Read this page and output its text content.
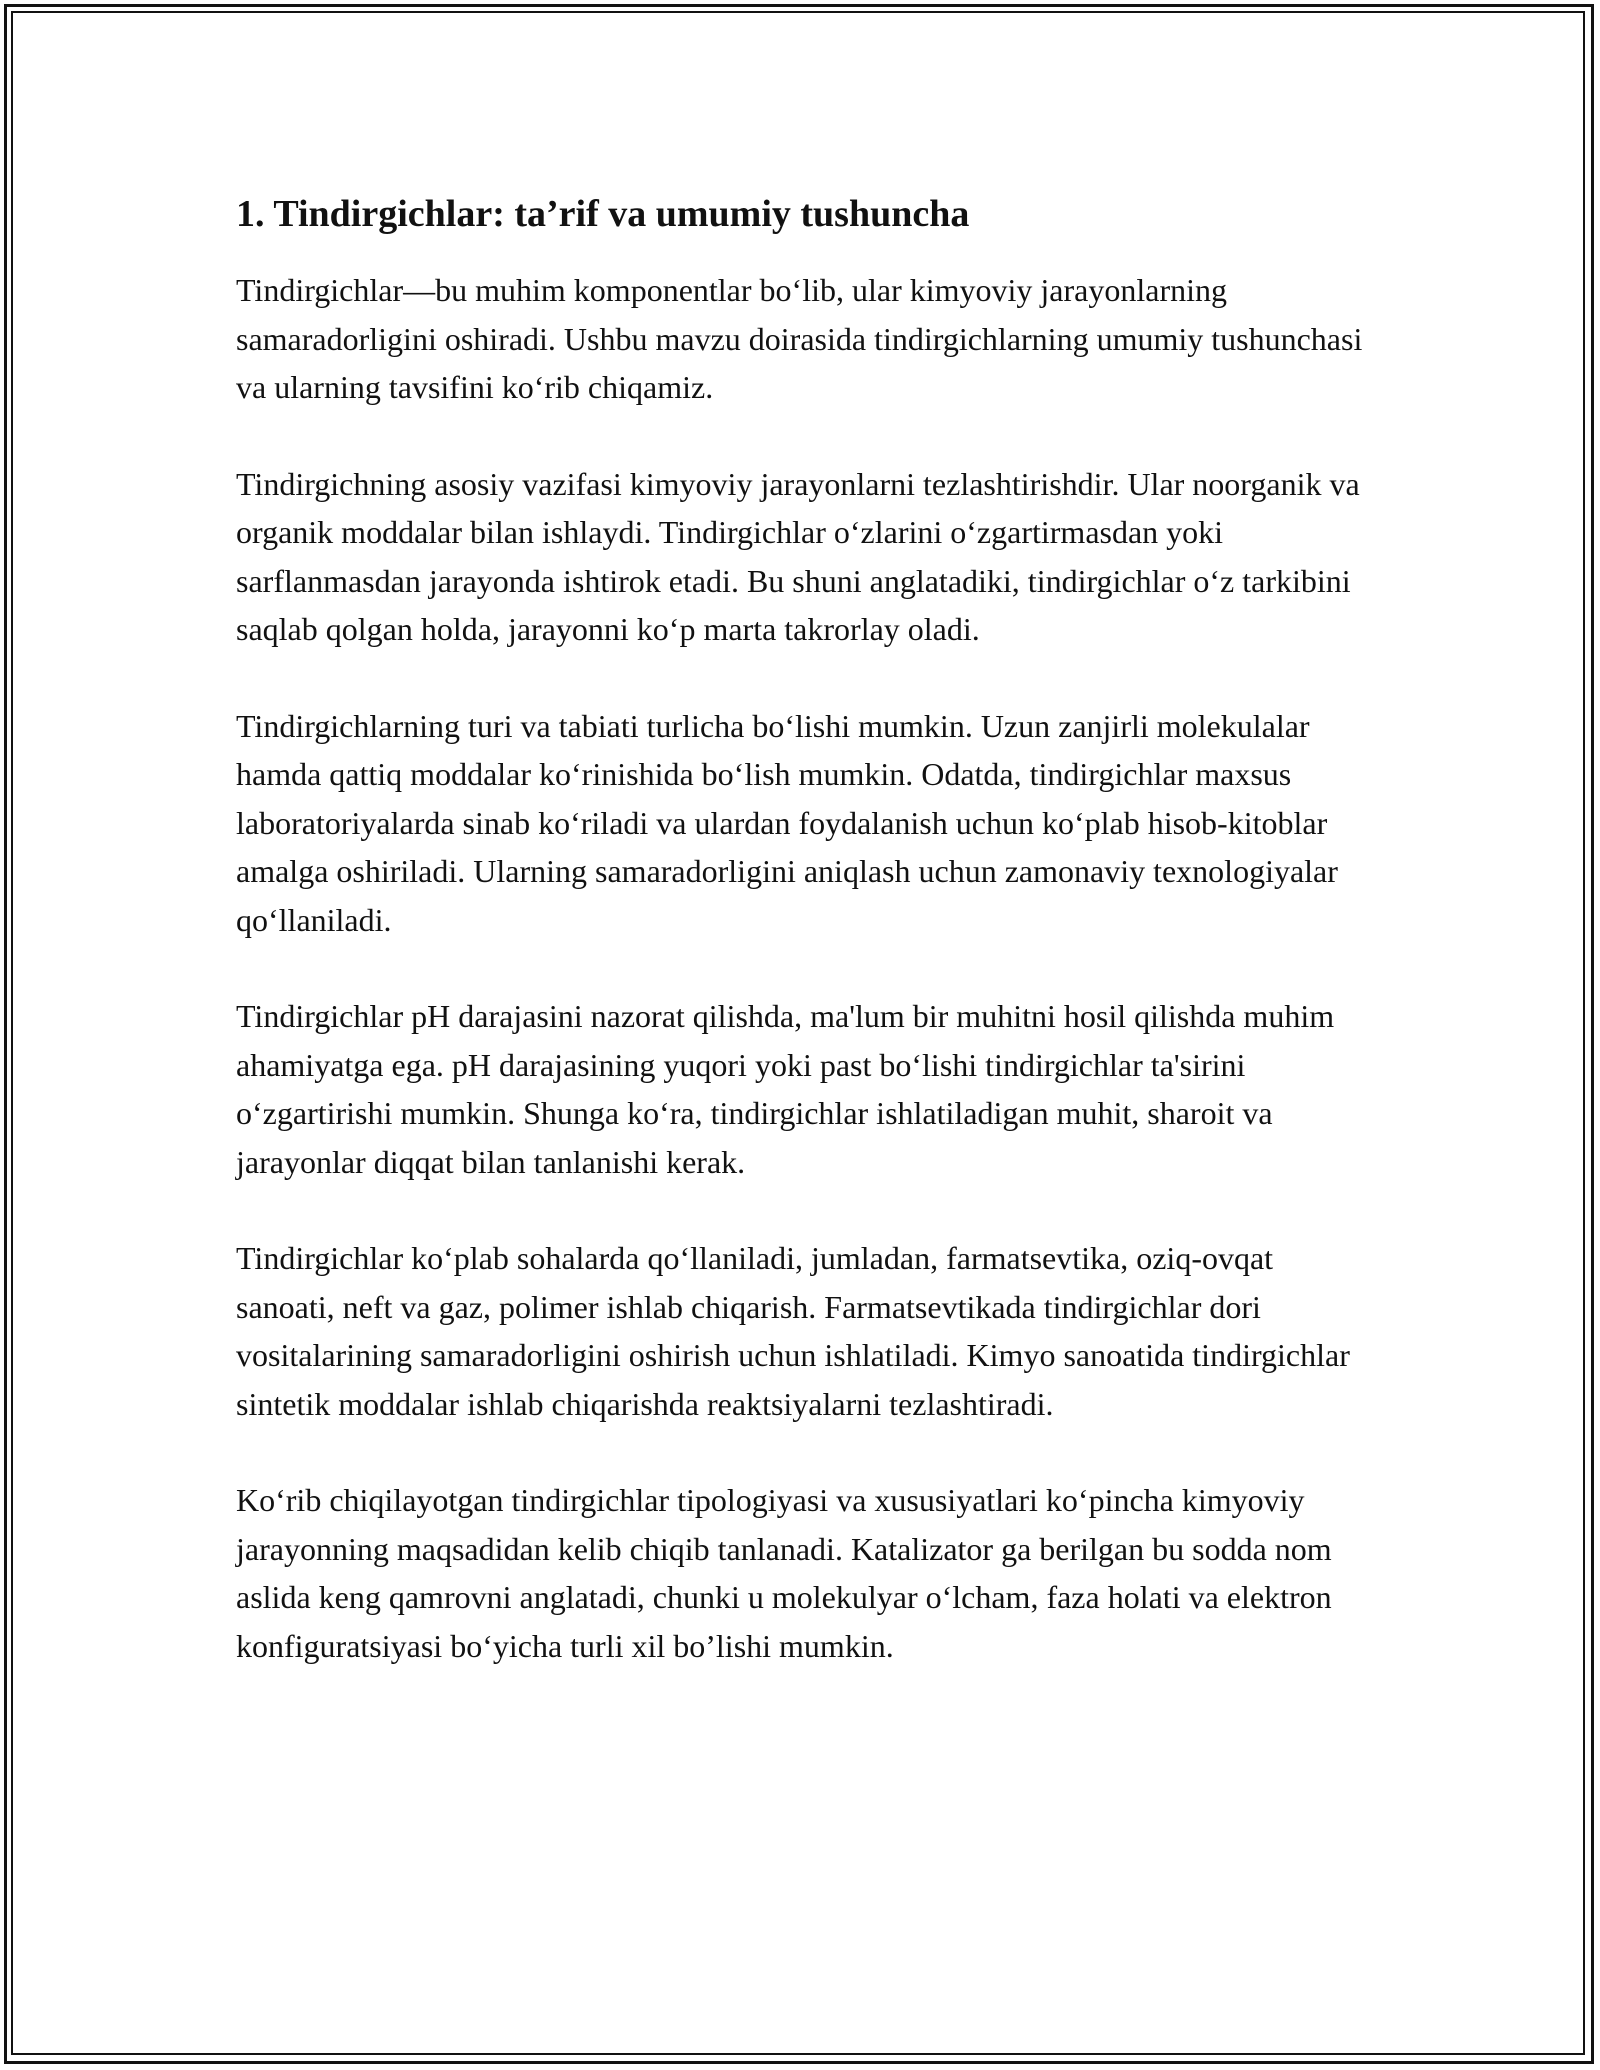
1. Tindirgichlar: ta’rif va umumiy tushuncha

Tindirgichlar—bu muhim komponentlar boʻlib, ular kimyoviy jarayonlarning samaradorligini oshiradi. Ushbu mavzu doirasida tindirgichlarning umumiy tushunchasi va ularning tavsifini koʻrib chiqamiz.

Tindirgichning asosiy vazifasi kimyoviy jarayonlarni tezlashtirishdir. Ular noorganik va organik moddalar bilan ishlaydi. Tindirgichlar oʻzlarini oʻzgartirmasdan yoki sarflanmasdan jarayonda ishtirok etadi. Bu shuni anglatadiki, tindirgichlar oʻz tarkibini saqlab qolgan holda, jarayonni koʻp marta takrorlay oladi.

Tindirgichlarning turi va tabiati turlicha boʻlishi mumkin. Uzun zanjirli molekulalar hamda qattiq moddalar koʻrinishida boʻlish mumkin. Odatda, tindirgichlar maxsus laboratoriyalarda sinab koʻriladi va ulardan foydalanish uchun koʻplab hisob-kitoblar amalga oshiriladi. Ularning samaradorligini aniqlash uchun zamonaviy texnologiyalar qoʻllaniladi.

Tindirgichlar pH darajasini nazorat qilishda, ma'lum bir muhitni hosil qilishda muhim ahamiyatga ega. pH darajasining yuqori yoki past boʻlishi tindirgichlar ta'sirini oʻzgartirishi mumkin. Shunga koʻra, tindirgichlar ishlatiladigan muhit, sharoit va jarayonlar diqqat bilan tanlanishi kerak.

Tindirgichlar koʻplab sohalarda qoʻllaniladi, jumladan, farmatsevtika, oziq-ovqat sanoati, neft va gaz, polimer ishlab chiqarish. Farmatsevtikada tindirgichlar dori vositalarining samaradorligini oshirish uchun ishlatiladi. Kimyo sanoatida tindirgichlar sintetik moddalar ishlab chiqarishda reaktsiyalarni tezlashtiradi.

Koʻrib chiqilayotgan tindirgichlar tipologiyasi va xususiyatlari koʻpincha kimyoviy jarayonning maqsadidan kelib chiqib tanlanadi. Katalizator ga berilgan bu sodda nom aslida keng qamrovni anglatadi, chunki u molekulyar oʻlcham, faza holati va elektron konfiguratsiyasi boʻyicha turli xil bo’lishi mumkin.
